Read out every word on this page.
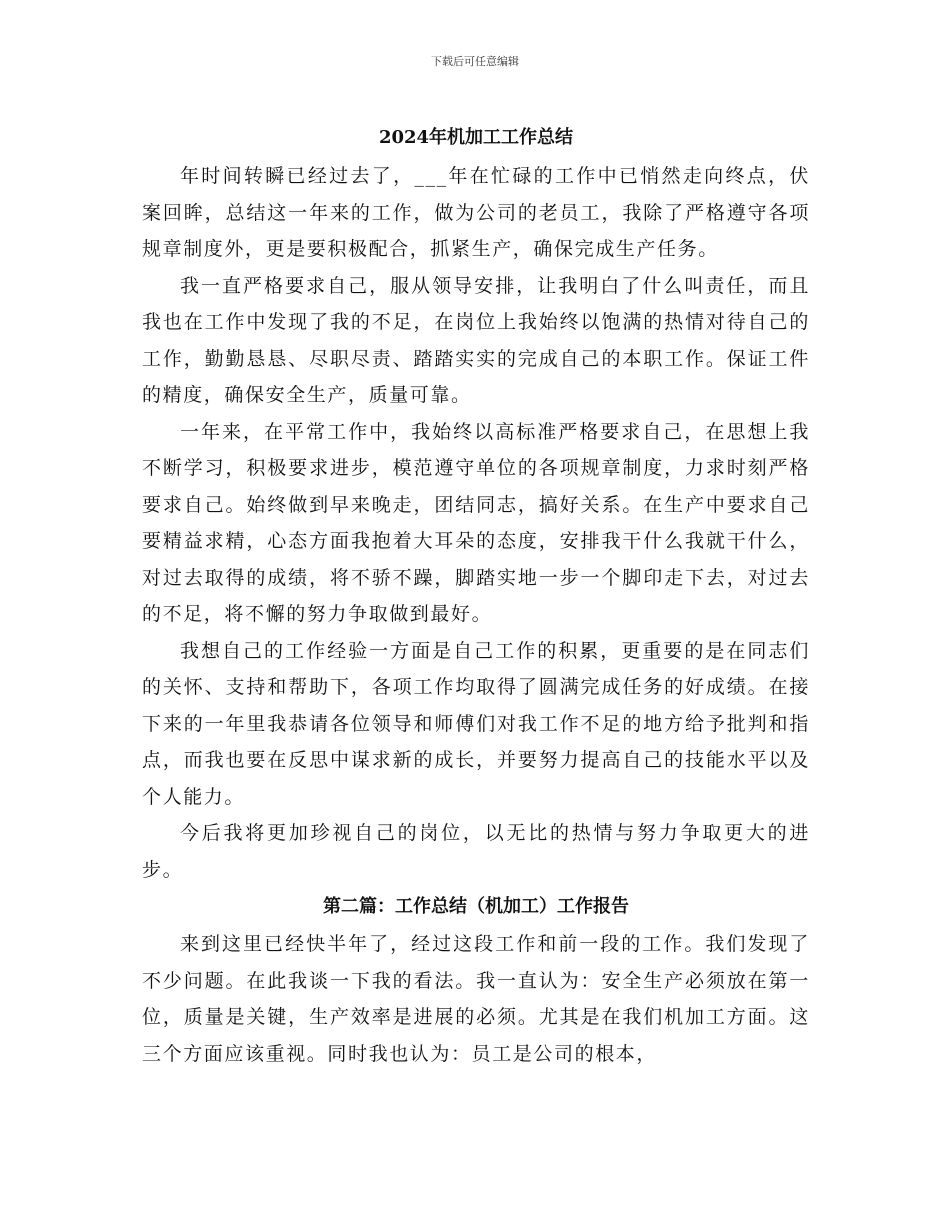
下载后可任意编辑
2024年机加工工作总结

年时间转瞬已经过去了，___年在忙碌的工作中已悄然走向终点，伏案回眸，总结这一年来的工作，做为公司的老员工，我除了严格遵守各项规章制度外，更是要积极配合，抓紧生产，确保完成生产任务。

我一直严格要求自己，服从领导安排，让我明白了什么叫责任，而且我也在工作中发现了我的不足，在岗位上我始终以饱满的热情对待自己的工作，勤勤恳恳、尽职尽责、踏踏实实的完成自己的本职工作。保证工件的精度，确保安全生产，质量可靠。

一年来，在平常工作中，我始终以高标准严格要求自己，在思想上我不断学习，积极要求进步，模范遵守单位的各项规章制度，力求时刻严格要求自己。始终做到早来晚走，团结同志，搞好关系。在生产中要求自己要精益求精，心态方面我抱着大耳朵的态度，安排我干什么我就干什么，对过去取得的成绩，将不骄不躁，脚踏实地一步一个脚印走下去，对过去的不足，将不懈的努力争取做到最好。

我想自己的工作经验一方面是自己工作的积累，更重要的是在同志们的关怀、支持和帮助下，各项工作均取得了圆满完成任务的好成绩。在接下来的一年里我恭请各位领导和师傅们对我工作不足的地方给予批判和指点，而我也要在反思中谋求新的成长，并要努力提高自己的技能水平以及个人能力。

今后我将更加珍视自己的岗位，以无比的热情与努力争取更大的进步。

第二篇：工作总结（机加工）工作报告

来到这里已经快半年了，经过这段工作和前一段的工作。我们发现了不少问题。在此我谈一下我的看法。我一直认为：安全生产必须放在第一位，质量是关键，生产效率是进展的必须。尤其是在我们机加工方面。这三个方面应该重视。同时我也认为：员工是公司的根本，
